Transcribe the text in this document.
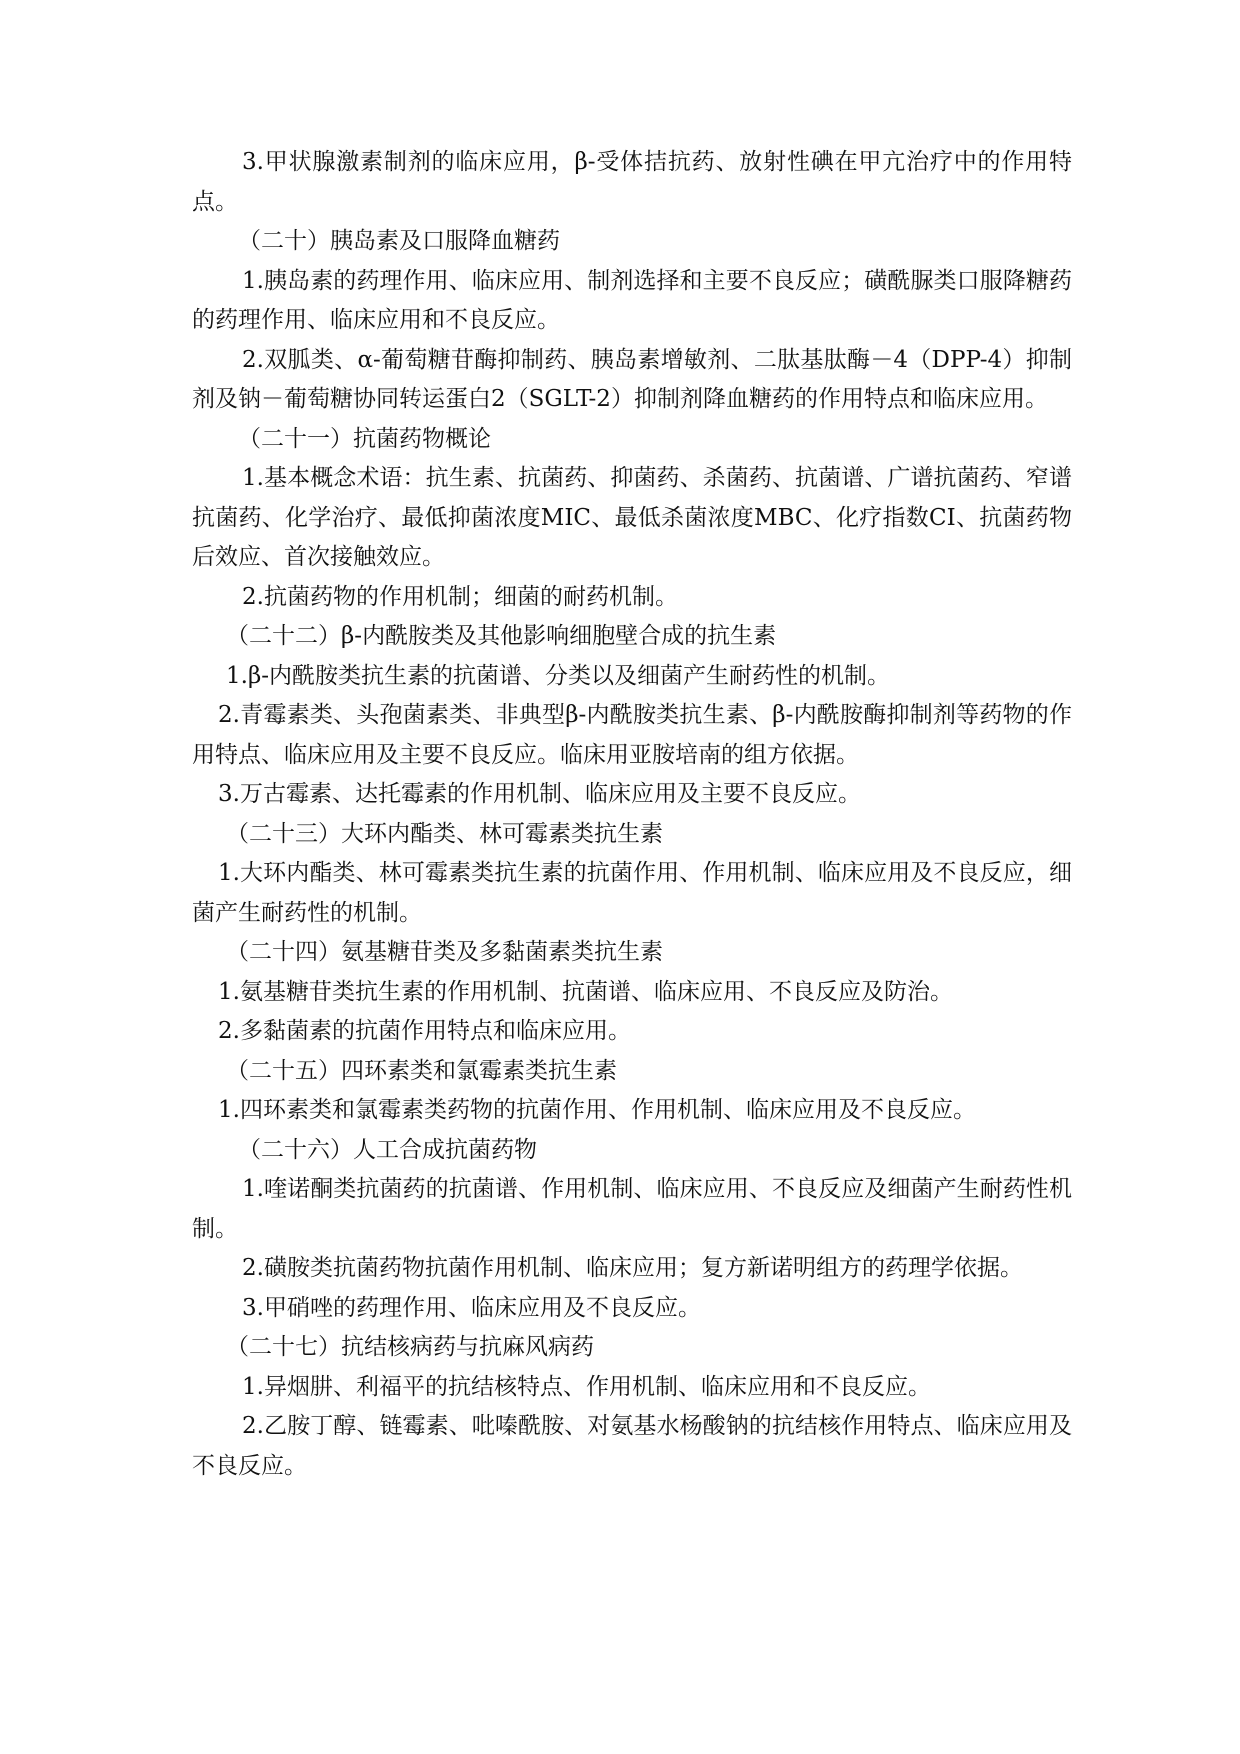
3.甲状腺激素制剂的临床应用，β-受体拮抗药、放射性碘在甲亢治疗中的作用特点。

（二十）胰岛素及口服降血糖药

1.胰岛素的药理作用、临床应用、制剂选择和主要不良反应；磺酰脲类口服降糖药的药理作用、临床应用和不良反应。

2.双胍类、α-葡萄糖苷酶抑制药、胰岛素增敏剂、二肽基肽酶－4（DPP-4）抑制剂及钠－葡萄糖协同转运蛋白2（SGLT-2）抑制剂降血糖药的作用特点和临床应用。

（二十一）抗菌药物概论

1.基本概念术语：抗生素、抗菌药、抑菌药、杀菌药、抗菌谱、广谱抗菌药、窄谱抗菌药、化学治疗、最低抑菌浓度MIC、最低杀菌浓度MBC、化疗指数CI、抗菌药物后效应、首次接触效应。

2.抗菌药物的作用机制；细菌的耐药机制。

（二十二）β-内酰胺类及其他影响细胞壁合成的抗生素

1.β-内酰胺类抗生素的抗菌谱、分类以及细菌产生耐药性的机制。

2.青霉素类、头孢菌素类、非典型β-内酰胺类抗生素、β-内酰胺酶抑制剂等药物的作用特点、临床应用及主要不良反应。临床用亚胺培南的组方依据。

3.万古霉素、达托霉素的作用机制、临床应用及主要不良反应。

（二十三）大环内酯类、林可霉素类抗生素

1.大环内酯类、林可霉素类抗生素的抗菌作用、作用机制、临床应用及不良反应，细菌产生耐药性的机制。

（二十四）氨基糖苷类及多黏菌素类抗生素

1.氨基糖苷类抗生素的作用机制、抗菌谱、临床应用、不良反应及防治。

2.多黏菌素的抗菌作用特点和临床应用。

（二十五）四环素类和氯霉素类抗生素

1.四环素类和氯霉素类药物的抗菌作用、作用机制、临床应用及不良反应。

（二十六）人工合成抗菌药物

1.喹诺酮类抗菌药的抗菌谱、作用机制、临床应用、不良反应及细菌产生耐药性机制。

2.磺胺类抗菌药物抗菌作用机制、临床应用；复方新诺明组方的药理学依据。

3.甲硝唑的药理作用、临床应用及不良反应。

（二十七）抗结核病药与抗麻风病药

1.异烟肼、利福平的抗结核特点、作用机制、临床应用和不良反应。

2.乙胺丁醇、链霉素、吡嗪酰胺、对氨基水杨酸钠的抗结核作用特点、临床应用及不良反应。
